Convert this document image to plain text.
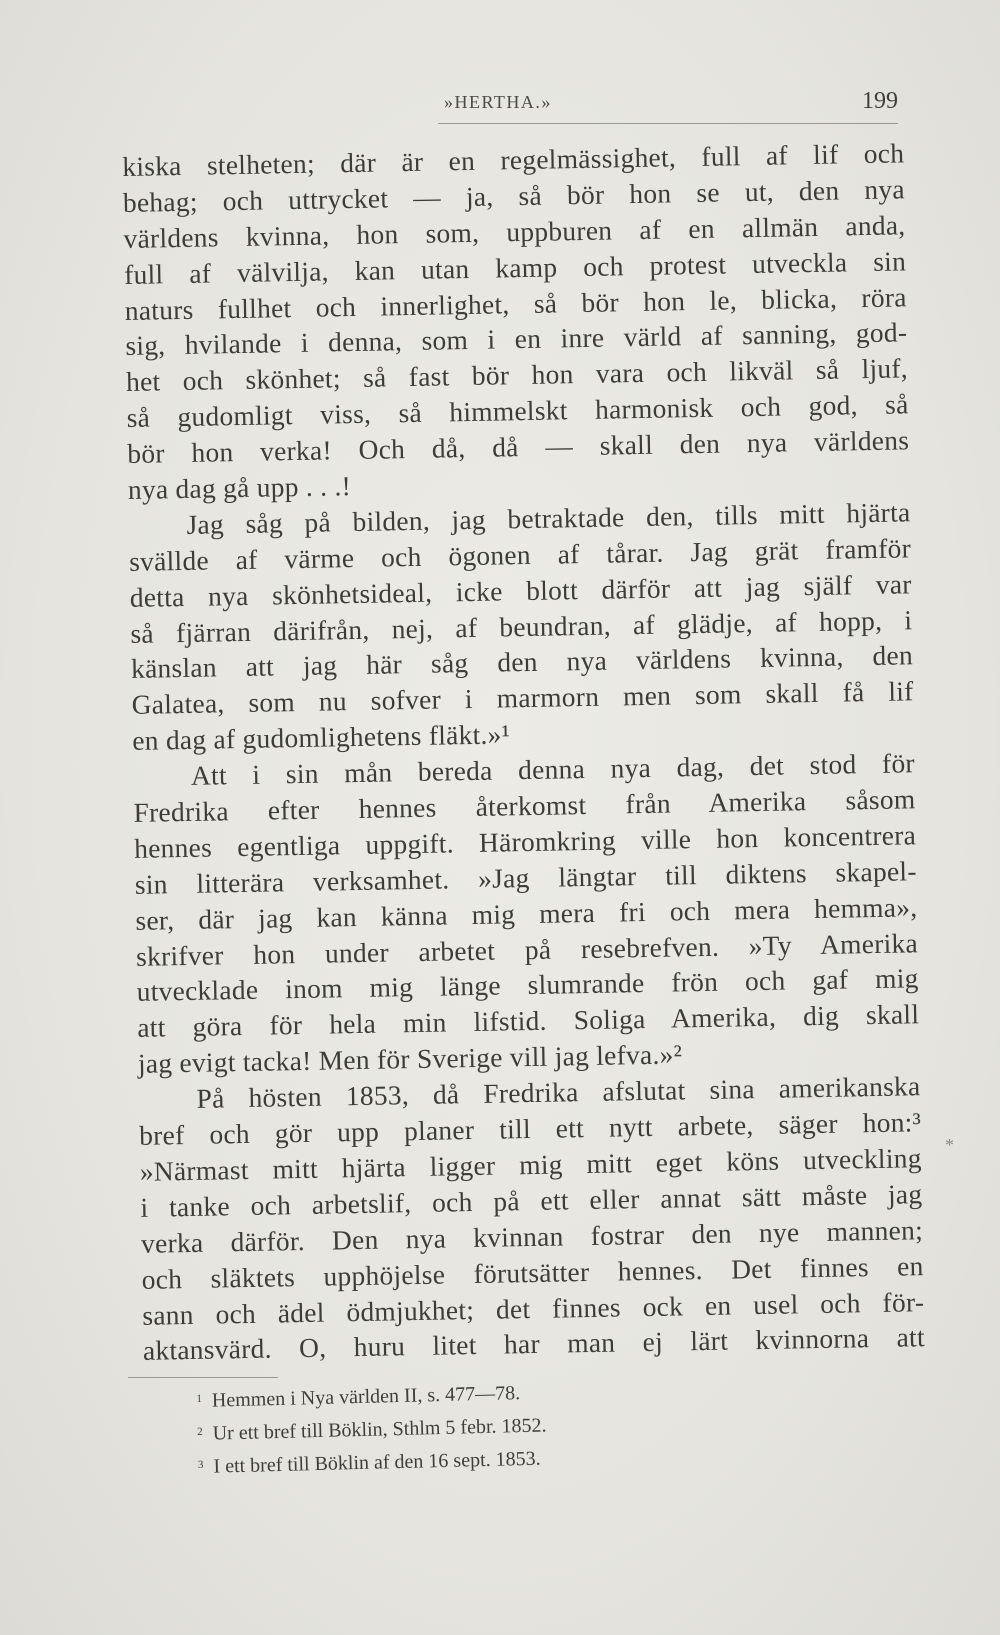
»HERTHA.»	199
kiska stelheten; där är en regelmässighet, full af lif och
behag; och uttrycket — ja, så bör hon se ut, den nya
världens kvinna, hon som, uppburen af en allmän anda,
full af välvilja, kan utan kamp och protest utveckla sin
naturs fullhet och innerlighet, så bör hon le, blicka, röra
sig, hvilande i denna, som i en inre värld af sanning, god-
het och skönhet; så fast bör hon vara och likväl så ljuf,
så gudomligt viss, så himmelskt harmonisk och god, så
bör hon verka! Och då, då — skall den nya världens
nya dag gå upp . . .!
Jag såg på bilden, jag betraktade den, tills mitt hjärta
svällde af värme och ögonen af tårar. Jag grät framför
detta nya skönhetsideal, icke blott därför att jag själf var
så fjärran därifrån, nej, af beundran, af glädje, af hopp, i
känslan att jag här såg den nya världens kvinna, den
Galatea, som nu sofver i marmorn men som skall få lif
en dag af gudomlighetens fläkt.»¹
Att i sin mån bereda denna nya dag, det stod för
Fredrika efter hennes återkomst från Amerika såsom
hennes egentliga uppgift. Häromkring ville hon koncentrera
sin litterära verksamhet. »Jag längtar till diktens skapel-
ser, där jag kan känna mig mera fri och mera hemma»,
skrifver hon under arbetet på resebrefven. »Ty Amerika
utvecklade inom mig länge slumrande frön och gaf mig
att göra för hela min lifstid. Soliga Amerika, dig skall
jag evigt tacka! Men för Sverige vill jag lefva.»²
På hösten 1853, då Fredrika afslutat sina amerikanska
bref och gör upp planer till ett nytt arbete, säger hon:³
»Närmast mitt hjärta ligger mig mitt eget köns utveckling
i tanke och arbetslif, och på ett eller annat sätt måste jag
verka därför. Den nya kvinnan fostrar den nye mannen;
och släktets upphöjelse förutsätter hennes. Det finnes en
sann och ädel ödmjukhet; det finnes ock en usel och för-
aktansvärd. O, huru litet har man ej lärt kvinnorna att
$^1$ Hemmen i Nya världen II, s. 477—78.
$^2$ Ur ett bref till Böklin, Sthlm 5 febr. 1852.
$^3$ I ett bref till Böklin af den 16 sept. 1853.
*
